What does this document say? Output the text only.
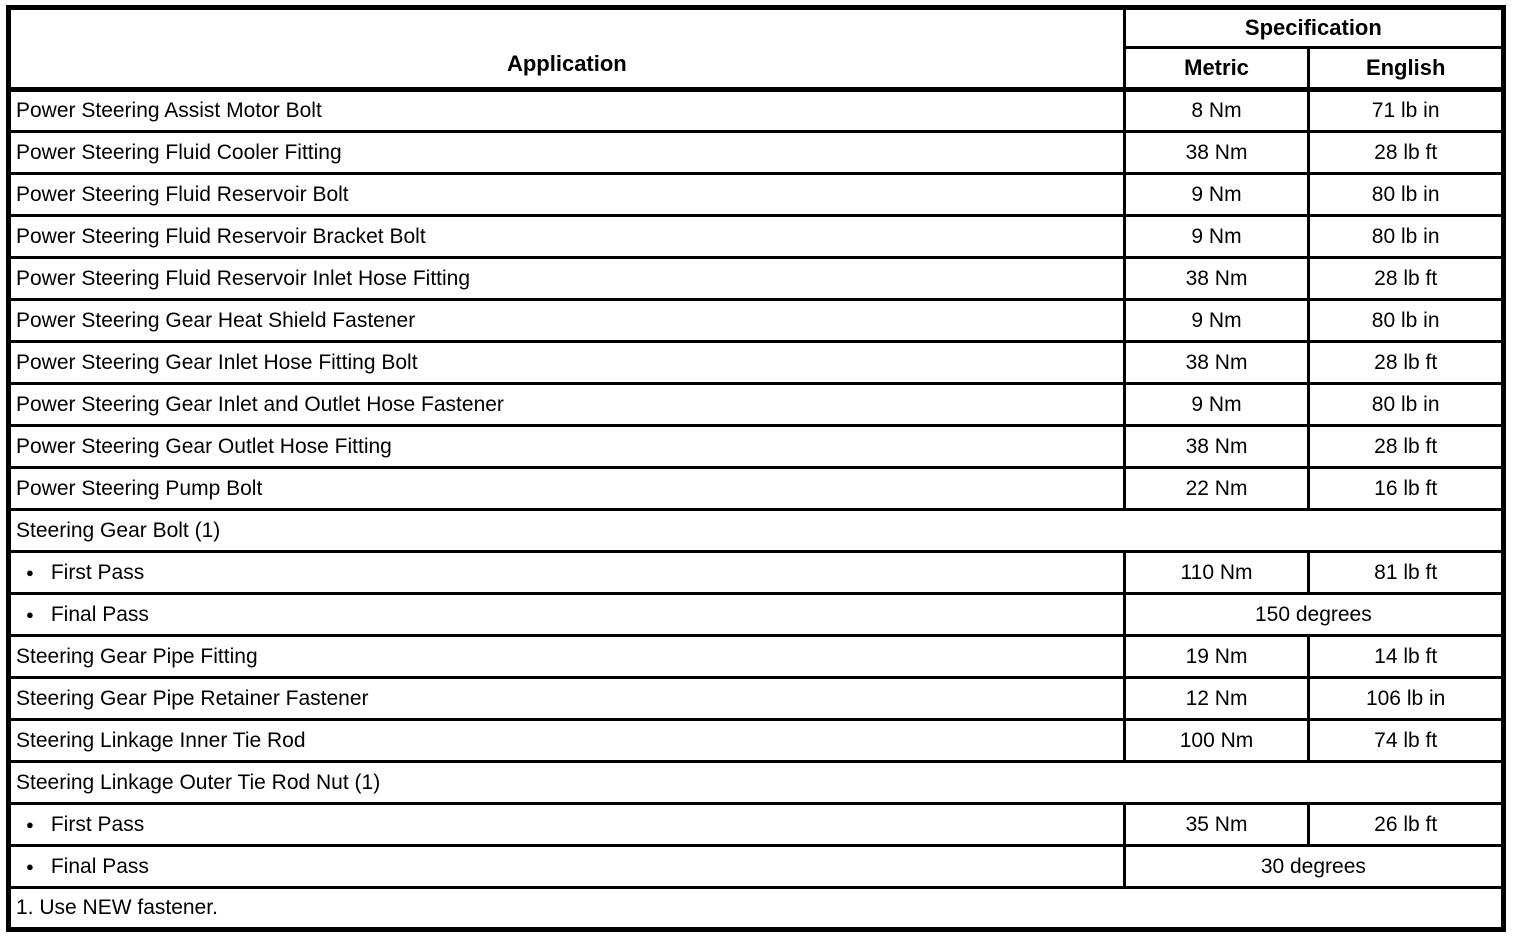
Application	Specification	
	Metric	English
Power Steering Assist Motor Bolt	8 Nm	71 lb in
Power Steering Fluid Cooler Fitting	38 Nm	28 lb ft
Power Steering Fluid Reservoir Bolt	9 Nm	80 lb in
Power Steering Fluid Reservoir Bracket Bolt	9 Nm	80 lb in
Power Steering Fluid Reservoir Inlet Hose Fitting	38 Nm	28 lb ft
Power Steering Gear Heat Shield Fastener	9 Nm	80 lb in
Power Steering Gear Inlet Hose Fitting Bolt	38 Nm	28 lb ft
Power Steering Gear Inlet and Outlet Hose Fastener	9 Nm	80 lb in
Power Steering Gear Outlet Hose Fitting	38 Nm	28 lb ft
Power Steering Pump Bolt	22 Nm	16 lb ft
Steering Gear Bolt (1)		
● First Pass	110 Nm	81 lb ft
● Final Pass	150 degrees	
Steering Gear Pipe Fitting	19 Nm	14 lb ft
Steering Gear Pipe Retainer Fastener	12 Nm	106 lb in
Steering Linkage Inner Tie Rod	100 Nm	74 lb ft
Steering Linkage Outer Tie Rod Nut (1)		
● First Pass	35 Nm	26 lb ft
● Final Pass	30 degrees	
1. Use NEW fastener.		
